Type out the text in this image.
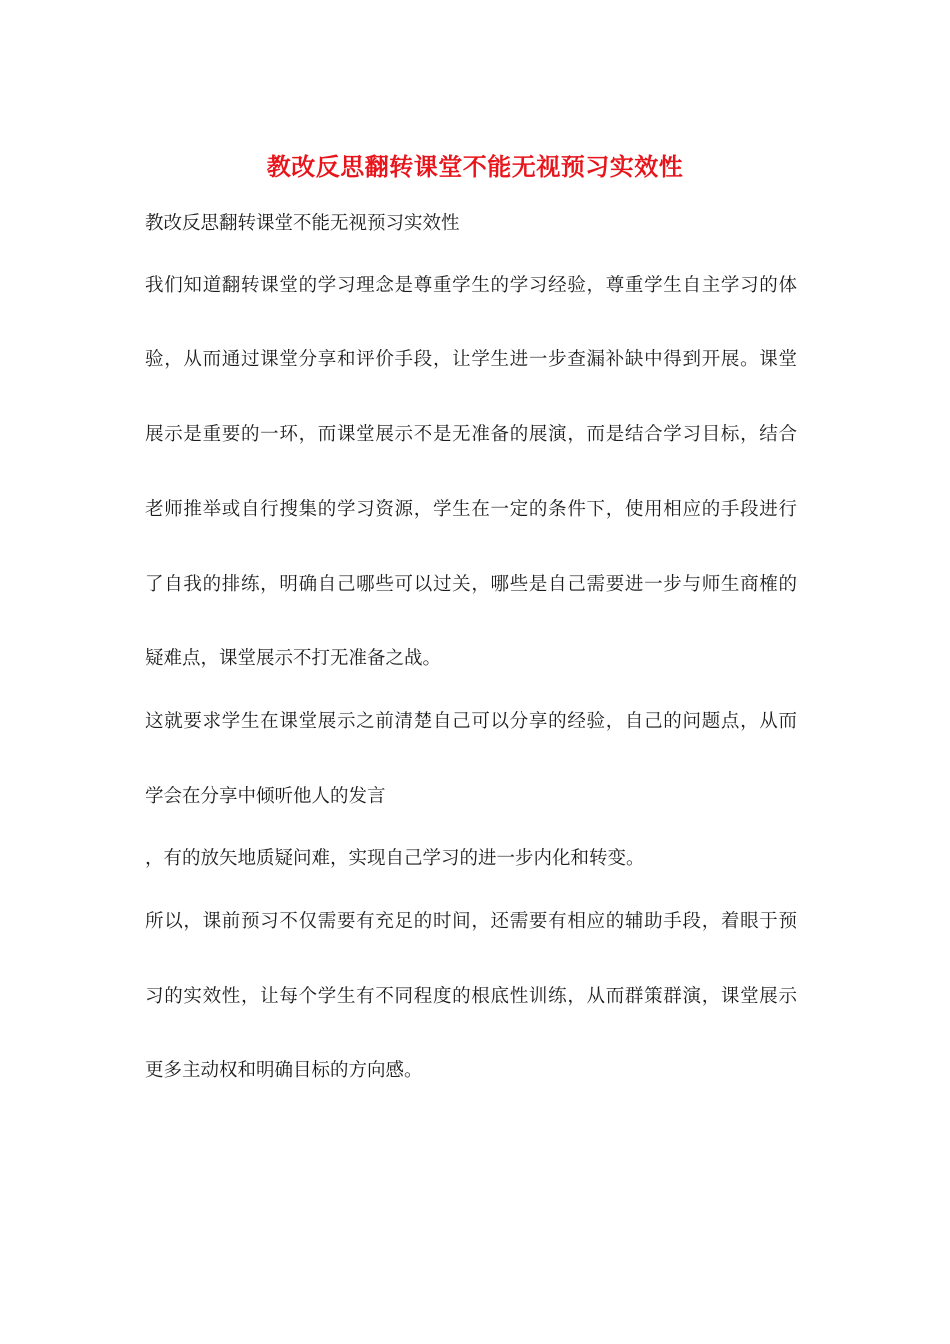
教改反思翻转课堂不能无视预习实效性
教改反思翻转课堂不能无视预习实效性
我们知道翻转课堂的学习理念是尊重学生的学习经验，尊重学生自主学习的体
验，从而通过课堂分享和评价手段，让学生进一步查漏补缺中得到开展。课堂
展示是重要的一环，而课堂展示不是无准备的展演，而是结合学习目标，结合
老师推举或自行搜集的学习资源，学生在一定的条件下，使用相应的手段进行
了自我的排练，明确自己哪些可以过关，哪些是自己需要进一步与师生商榷的
疑难点，课堂展示不打无准备之战。
这就要求学生在课堂展示之前清楚自己可以分享的经验，自己的问题点，从而
学会在分享中倾听他人的发言
，有的放矢地质疑问难，实现自己学习的进一步内化和转变。
所以，课前预习不仅需要有充足的时间，还需要有相应的辅助手段，着眼于预
习的实效性，让每个学生有不同程度的根底性训练，从而群策群演，课堂展示
更多主动权和明确目标的方向感。
